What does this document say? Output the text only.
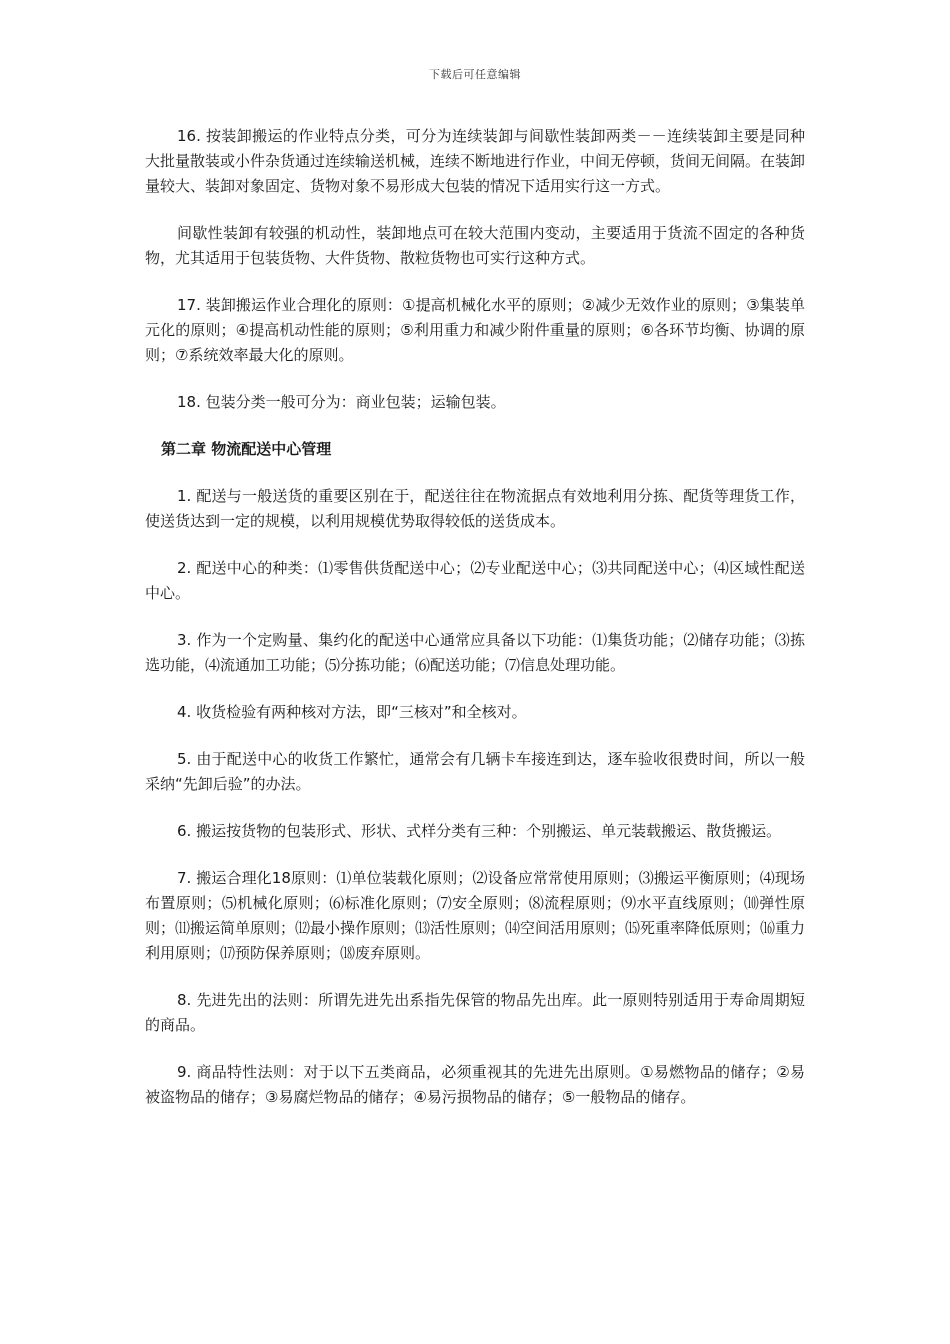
下载后可任意编辑

16. 按装卸搬运的作业特点分类，可分为连续装卸与间歇性装卸两类－－连续装卸主要是同种大批量散装或小件杂货通过连续输送机械，连续不断地进行作业，中间无停顿，货间无间隔。在装卸量较大、装卸对象固定、货物对象不易形成大包装的情况下适用实行这一方式。

间歇性装卸有较强的机动性，装卸地点可在较大范围内变动，主要适用于货流不固定的各种货物，尤其适用于包装货物、大件货物、散粒货物也可实行这种方式。

17. 装卸搬运作业合理化的原则：①提高机械化水平的原则；②减少无效作业的原则；③集装单元化的原则；④提高机动性能的原则；⑤利用重力和减少附件重量的原则；⑥各环节均衡、协调的原则；⑦系统效率最大化的原则。

18. 包装分类一般可分为：商业包装；运输包装。

第二章 物流配送中心管理

1. 配送与一般送货的重要区别在于，配送往往在物流据点有效地利用分拣、配货等理货工作，使送货达到一定的规模，以利用规模优势取得较低的送货成本。

2. 配送中心的种类：⑴零售供货配送中心；⑵专业配送中心；⑶共同配送中心；⑷区域性配送中心。

3. 作为一个定购量、集约化的配送中心通常应具备以下功能：⑴集货功能；⑵储存功能；⑶拣选功能，⑷流通加工功能；⑸分拣功能；⑹配送功能；⑺信息处理功能。

4. 收货检验有两种核对方法，即“三核对”和全核对。

5. 由于配送中心的收货工作繁忙，通常会有几辆卡车接连到达，逐车验收很费时间，所以一般采纳“先卸后验”的办法。

6. 搬运按货物的包装形式、形状、式样分类有三种：个别搬运、单元装载搬运、散货搬运。

7. 搬运合理化18原则：⑴单位装载化原则；⑵设备应常常使用原则；⑶搬运平衡原则；⑷现场布置原则；⑸机械化原则；⑹标准化原则；⑺安全原则；⑻流程原则；⑼水平直线原则；⑽弹性原则；⑾搬运简单原则；⑿最小操作原则；⒀活性原则；⒁空间活用原则；⒂死重率降低原则；⒃重力利用原则；⒄预防保养原则；⒅废弃原则。

8. 先进先出的法则：所谓先进先出系指先保管的物品先出库。此一原则特别适用于寿命周期短的商品。

9. 商品特性法则：对于以下五类商品，必须重视其的先进先出原则。①易燃物品的储存；②易被盗物品的储存；③易腐烂物品的储存；④易污损物品的储存；⑤一般物品的储存。
